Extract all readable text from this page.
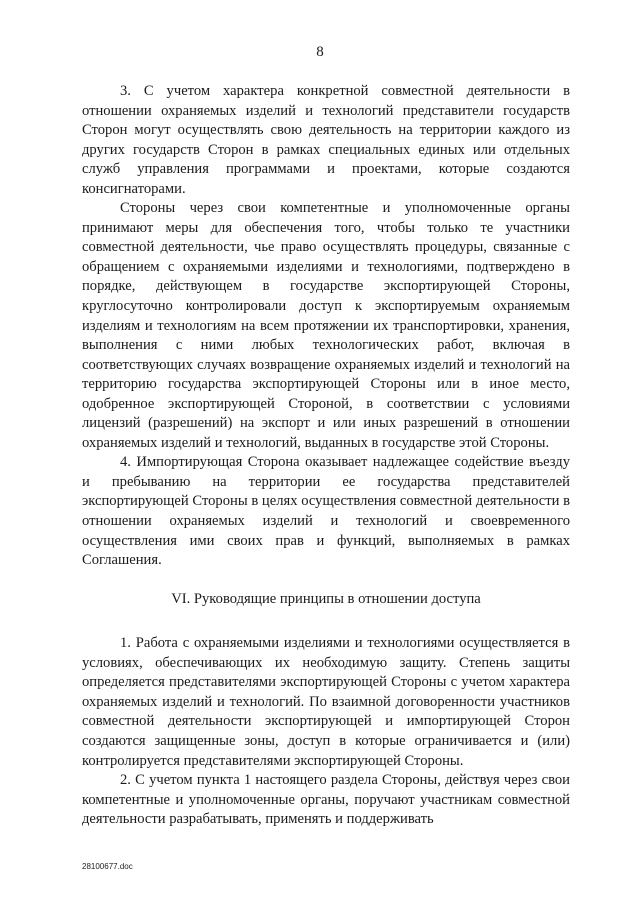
8

3. С учетом характера конкретной совместной деятельности в отношении охраняемых изделий и технологий представители государств Сторон могут осуществлять свою деятельность на территории каждого из других государств Сторон в рамках специальных единых или отдельных служб управления программами и проектами, которые создаются консигнаторами.

Стороны через свои компетентные и уполномоченные органы принимают меры для обеспечения того, чтобы только те участники совместной деятельности, чье право осуществлять процедуры, связанные с обращением с охраняемыми изделиями и технологиями, подтверждено в порядке, действующем в государстве экспортирующей Стороны, круглосуточно контролировали доступ к экспортируемым охраняемым изделиям и технологиям на всем протяжении их транспортировки, хранения, выполнения с ними любых технологических работ, включая в соответствующих случаях возвращение охраняемых изделий и технологий на территорию государства экспортирующей Стороны или в иное место, одобренное экспортирующей Стороной, в соответствии с условиями лицензий (разрешений) на экспорт и или иных разрешений в отношении охраняемых изделий и технологий, выданных в государстве этой Стороны.

4. Импортирующая Сторона оказывает надлежащее содействие въезду и пребыванию на территории ее государства представителей экспортирующей Стороны в целях осуществления совместной деятельности в отношении охраняемых изделий и технологий и своевременного осуществления ими своих прав и функций, выполняемых в рамках Соглашения.

VI. Руководящие принципы в отношении доступа

1. Работа с охраняемыми изделиями и технологиями осуществляется в условиях, обеспечивающих их необходимую защиту. Степень защиты определяется представителями экспортирующей Стороны с учетом характера охраняемых изделий и технологий. По взаимной договоренности участников совместной деятельности экспортирующей и импортирующей Сторон создаются защищенные зоны, доступ в которые ограничивается и (или) контролируется представителями экспортирующей Стороны.

2. С учетом пункта 1 настоящего раздела Стороны, действуя через свои компетентные и уполномоченные органы, поручают участникам совместной деятельности разрабатывать, применять и поддерживать

28100677.doc
